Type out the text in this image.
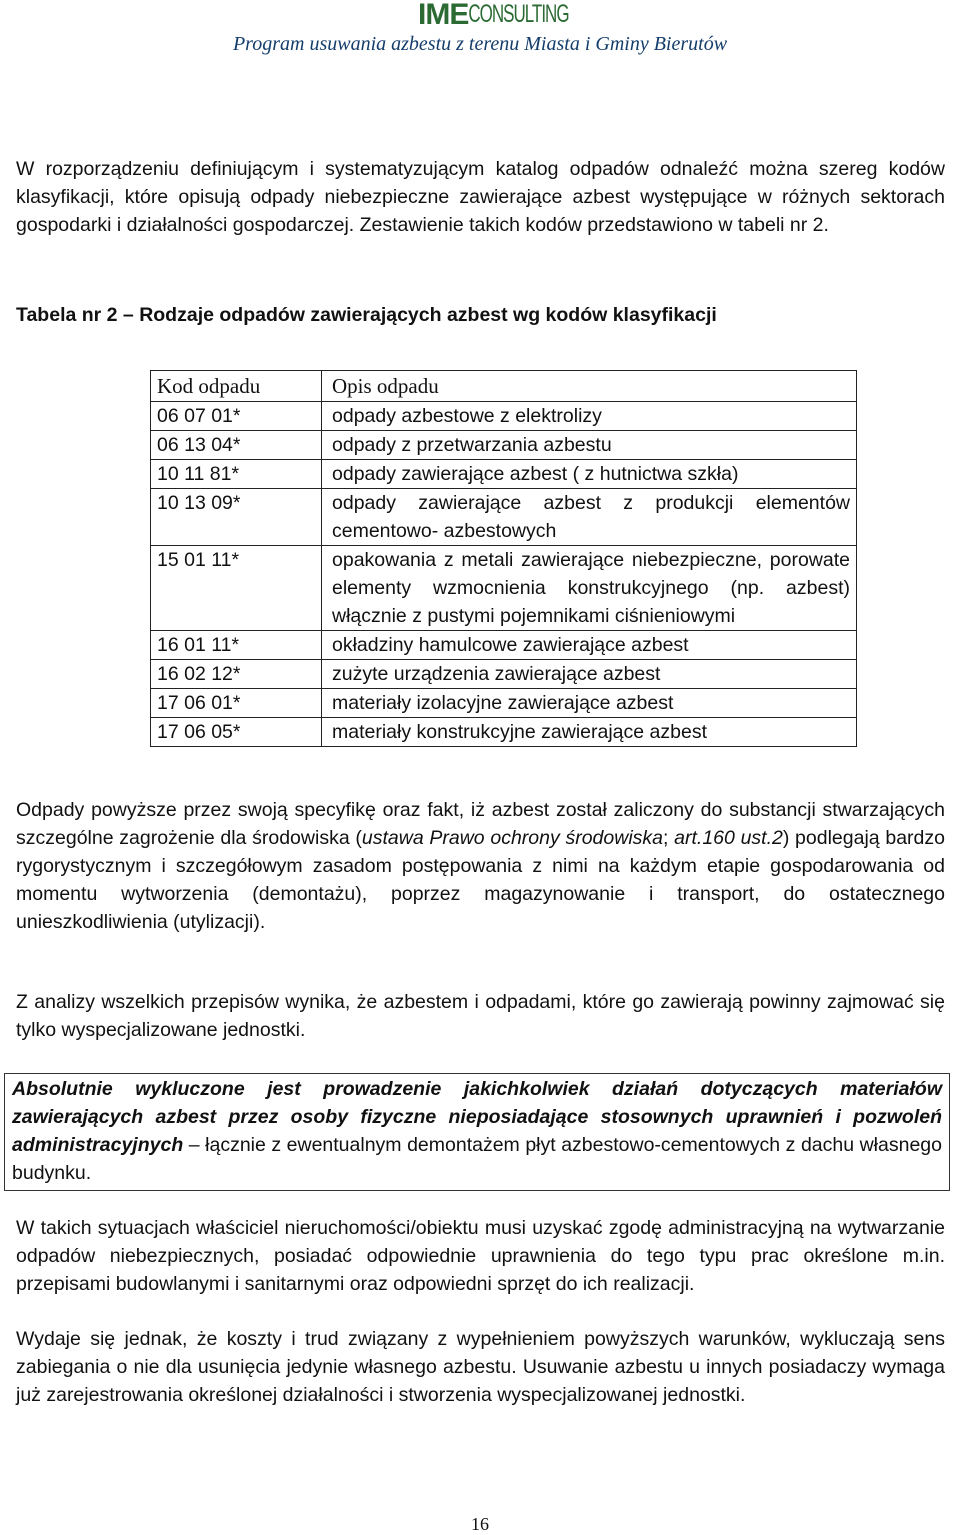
IMECONSULTING
Program usuwania azbestu z terenu Miasta i Gminy Bierutów
W rozporządzeniu definiującym i systematyzującym katalog odpadów odnaleźć można szereg kodów klasyfikacji, które opisują odpady niebezpieczne zawierające azbest występujące w różnych sektorach gospodarki i działalności gospodarczej. Zestawienie takich kodów przedstawiono w tabeli nr 2.
Tabela nr 2 – Rodzaje odpadów zawierających azbest wg kodów klasyfikacji
Kod odpadu	Opis odpadu
06 07 01*	odpady azbestowe z elektrolizy
06 13 04*	odpady z przetwarzania azbestu
10 11 81*	odpady zawierające azbest ( z hutnictwa szkła)
10 13 09*	odpady zawierające azbest z produkcji elementów cementowo- azbestowych
15 01 11*	opakowania z metali zawierające niebezpieczne, porowate elementy wzmocnienia konstrukcyjnego (np. azbest) włącznie z pustymi pojemnikami ciśnieniowymi
16 01 11*	okładziny hamulcowe zawierające azbest
16 02 12*	zużyte urządzenia zawierające azbest
17 06 01*	materiały izolacyjne zawierające azbest
17 06 05*	materiały konstrukcyjne zawierające azbest
Odpady powyższe przez swoją specyfikę oraz fakt, iż azbest został zaliczony do substancji stwarzających szczególne zagrożenie dla środowiska (ustawa Prawo ochrony środowiska; art.160 ust.2) podlegają bardzo rygorystycznym i szczegółowym zasadom postępowania z nimi na każdym etapie gospodarowania od momentu wytworzenia (demontażu), poprzez magazynowanie i transport, do ostatecznego unieszkodliwienia (utylizacji).
Z analizy wszelkich przepisów wynika, że azbestem i odpadami, które go zawierają powinny zajmować się tylko wyspecjalizowane jednostki.
Absolutnie wykluczone jest prowadzenie jakichkolwiek działań dotyczących materiałów zawierających azbest przez osoby fizyczne nieposiadające stosownych uprawnień i pozwoleń administracyjnych – łącznie z ewentualnym demontażem płyt azbestowo-cementowych z dachu własnego budynku.
W takich sytuacjach właściciel nieruchomości/obiektu musi uzyskać zgodę administracyjną na wytwarzanie odpadów niebezpiecznych, posiadać odpowiednie uprawnienia do tego typu prac określone m.in. przepisami budowlanymi i sanitarnymi oraz odpowiedni sprzęt do ich realizacji.
Wydaje się jednak, że koszty i trud związany z wypełnieniem powyższych warunków, wykluczają sens zabiegania o nie dla usunięcia jedynie własnego azbestu. Usuwanie azbestu u innych posiadaczy wymaga już zarejestrowania określonej działalności i stworzenia wyspecjalizowanej jednostki.
16
